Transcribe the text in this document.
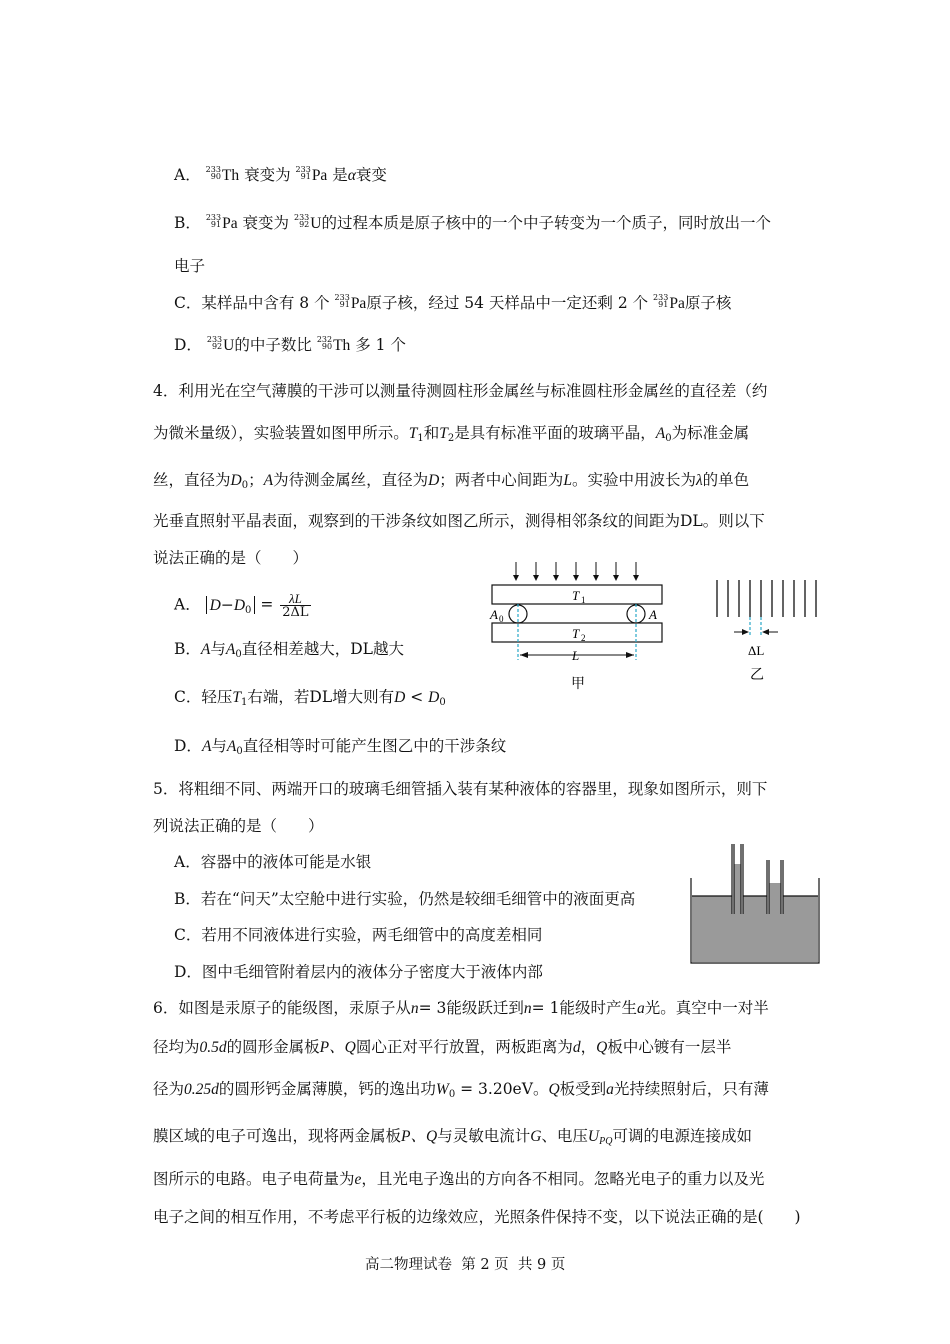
A． 233
90 Th 衰变为 233
91 Pa 是α衰变
B． 233
91 Pa 衰变为 233
92 U的过程本质是原子核中的一个中子转变为一个质子，同时放出一个
电子
C．某样品中含有 8 个 233
91 Pa原子核，经过 54 天样品中一定还剩 2 个 233
91 Pa原子核
D． 233
92 U的中子数比 232
90 Th 多 1 个
4．利用光在空气薄膜的干涉可以测量待测圆柱形金属丝与标准圆柱形金属丝的直径差（约
为微米量级），实验装置如图甲所示。$T_1$和$T_2$是具有标准平面的玻璃平晶，$A_0$为标准金属
丝，直径为$D_0$；A为待测金属丝，直径为D；两者中心间距为L。实验中用波长为λ的单色
光垂直照射平晶表面，观察到的干涉条纹如图乙所示，测得相邻条纹的间距为DL。则以下
说法正确的是（　　）
A． $D-D_0 = \frac{\lambda L}{2\Delta L}$
B．A与$A_0$直径相差越大，DL越大
C．轻压$T_1$右端，若DL增大则有$D < D_0$
D．A与$A_0$直径相等时可能产生图乙中的干涉条纹
T 1
T 2
A 0	A
L
甲
ΔL
乙
5．将粗细不同、两端开口的玻璃毛细管插入装有某种液体的容器里，现象如图所示，则下
列说法正确的是（　　）
A．容器中的液体可能是水银
B．若在“问天”太空舱中进行实验，仍然是较细毛细管中的液面更高
C．若用不同液体进行实验，两毛细管中的高度差相同
D．图中毛细管附着层内的液体分子密度大于液体内部
6．如图是汞原子的能级图，汞原子从n= 3能级跃迁到n= 1能级时产生a光。真空中一对半
径均为0.5d的圆形金属板P、Q圆心正对平行放置，两板距离为d，Q板中心镀有一层半
径为0.25d的圆形钙金属薄膜，钙的逸出功$W_0 = 3.20eV$。Q板受到a光持续照射后，只有薄
膜区域的电子可逸出，现将两金属板P、Q与灵敏电流计G、电压$U_{PQ}$可调的电源连接成如
图所示的电路。电子电荷量为e，且光电子逸出的方向各不相同。忽略光电子的重力以及光
电子之间的相互作用，不考虑平行板的边缘效应，光照条件保持不变，以下说法正确的是(　　)
高二物理试卷  第 2 页  共 9 页
